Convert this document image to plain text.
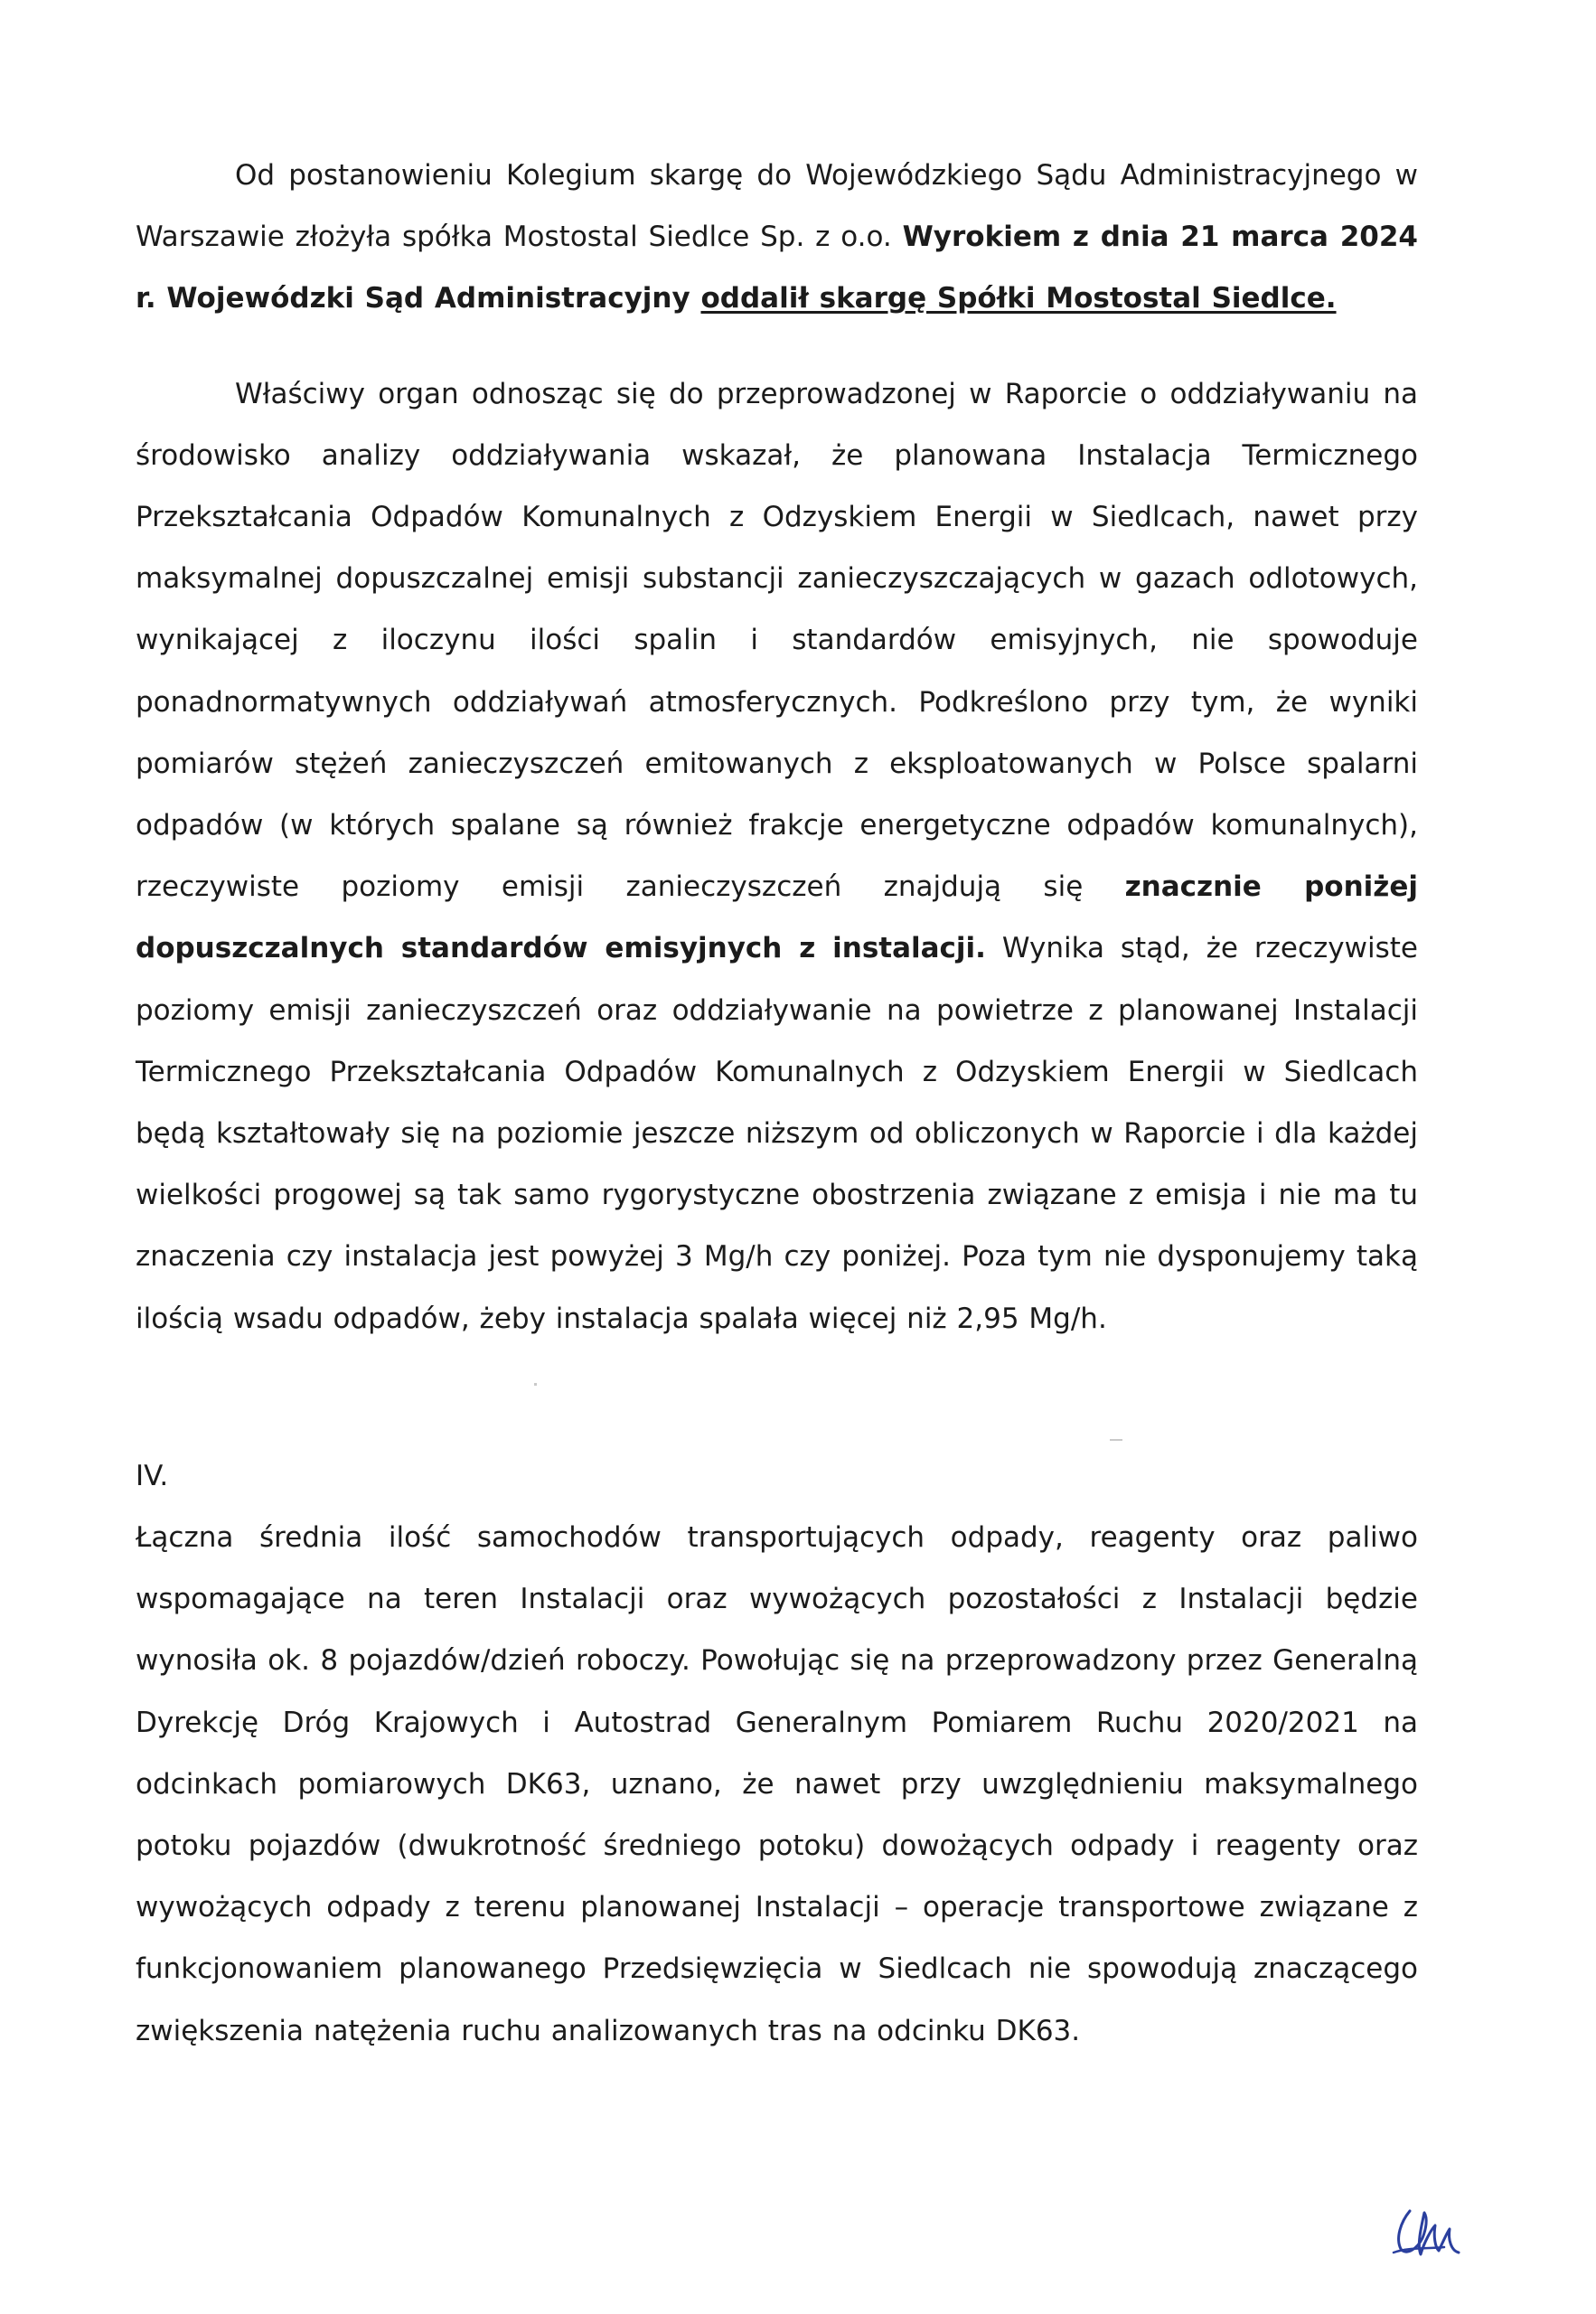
Od postanowieniu Kolegium skargę do Wojewódzkiego Sądu Administracyjnego w Warszawie złożyła spółka Mostostal Siedlce Sp. z o.o. Wyrokiem z dnia 21 marca 2024 r. Wojewódzki Sąd Administracyjny oddalił skargę Spółki Mostostal Siedlce.

Właściwy organ odnosząc się do przeprowadzonej w Raporcie o oddziaływaniu na środowisko analizy oddziaływania wskazał, że planowana Instalacja Termicznego Przekształcania Odpadów Komunalnych z Odzyskiem Energii w Siedlcach, nawet przy maksymalnej dopuszczalnej emisji substancji zanieczyszczających w gazach odlotowych, wynikającej z iloczynu ilości spalin i standardów emisyjnych, nie spowoduje ponadnormatywnych oddziaływań atmosferycznych. Podkreślono przy tym, że wyniki pomiarów stężeń zanieczyszczeń emitowanych z eksploatowanych w Polsce spalarni odpadów (w których spalane są również frakcje energetyczne odpadów komunalnych), rzeczywiste poziomy emisji zanieczyszczeń znajdują się znacznie poniżej dopuszczalnych standardów emisyjnych z instalacji. Wynika stąd, że rzeczywiste poziomy emisji zanieczyszczeń oraz oddziaływanie na powietrze z planowanej Instalacji Termicznego Przekształcania Odpadów Komunalnych z Odzyskiem Energii w Siedlcach będą kształtowały się na poziomie jeszcze niższym od obliczonych w Raporcie i dla każdej wielkości progowej są tak samo rygorystyczne obostrzenia związane z emisja i nie ma tu znaczenia czy instalacja jest powyżej 3 Mg/h czy poniżej. Poza tym nie dysponujemy taką ilością wsadu odpadów, żeby instalacja spalała więcej niż 2,95 Mg/h.

IV.

Łączna średnia ilość samochodów transportujących odpady, reagenty oraz paliwo wspomagające na teren Instalacji oraz wywożących pozostałości z Instalacji będzie wynosiła ok. 8 pojazdów/dzień roboczy. Powołując się na przeprowadzony przez Generalną Dyrekcję Dróg Krajowych i Autostrad Generalnym Pomiarem Ruchu 2020/2021 na odcinkach pomiarowych DK63, uznano, że nawet przy uwzględnieniu maksymalnego potoku pojazdów (dwukrotność średniego potoku) dowożących odpady i reagenty oraz wywożących odpady z terenu planowanej Instalacji – operacje transportowe związane z funkcjonowaniem planowanego Przedsięwzięcia w Siedlcach nie spowodują znaczącego zwiększenia natężenia ruchu analizowanych tras na odcinku DK63.
